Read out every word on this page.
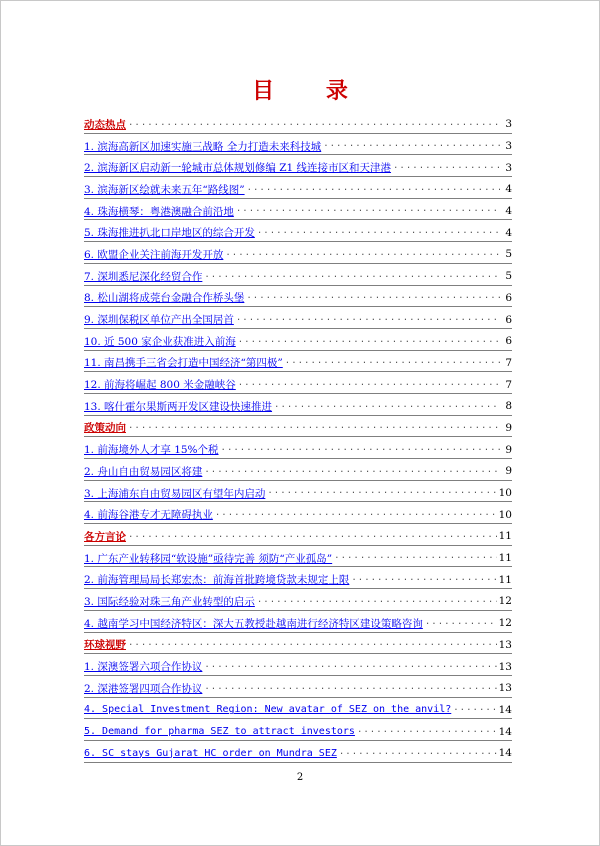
目 录
动态热点 .....	3
1. 滨海高新区加速实施三战略 全力打造未来科技城 .....	3
2. 滨海新区启动新一轮城市总体规划修编 Z1 线连接市区和天津港 .....	3
3. 滨海新区绘就未来五年“路线图” .....	4
4. 珠海横琴：粤港澳融合前沿地 .....	4
5. 珠海推进扒北口岸地区的综合开发 .....	4
6. 欧盟企业关注前海开发开放 .....	5
7. 深圳悉尼深化经贸合作 .....	5
8. 松山湖将成莞台金融合作桥头堡 .....	6
9. 深圳保税区单位产出全国居首 .....	6
10. 近 500 家企业获准进入前海 .....	6
11. 南昌携手三省会打造中国经济“第四极” .....	7
12. 前海将崛起 800 米金融峡谷 .....	7
13. 喀什霍尔果斯两开发区建设快速推进 .....	8
政策动向 .....	9
1. 前海境外人才享 15%个税 .....	9
2. 舟山自由贸易园区将建 .....	9
3. 上海浦东自由贸易园区有望年内启动 .....	10
4. 前海谷港专才无障碍执业 .....	10
各方言论 .....	11
1. 广东产业转移园“软设施”亟待完善 须防“产业孤岛” .....	11
2. 前海管理局局长郑宏杰：前海首批跨境贷款未规定上限 .....	11
3. 国际经验对珠三角产业转型的启示 .....	12
4. 越南学习中国经济特区：深大五教授赴越南进行经济特区建设策略咨询 .....	12
环球视野 .....	13
1. 深澳签署六项合作协议 .....	13
2. 深港签署四项合作协议 .....	13
4. Special Investment Region: New avatar of SEZ on the anvil? .....	14
5. Demand for pharma SEZ to attract investors .....	14
6. SC stays Gujarat HC order on Mundra SEZ .....	14
2
